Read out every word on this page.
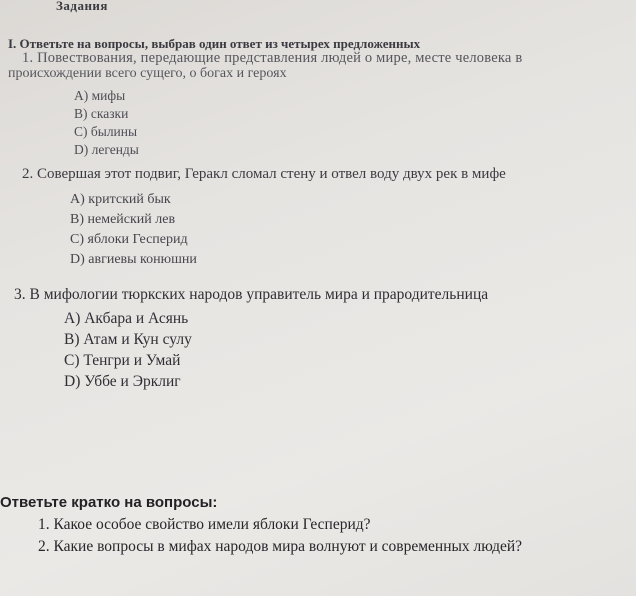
Задания
I. Ответьте на вопросы, выбрав один ответ из четырех предложенных
1. Повествования, передающие представления людей о мире, месте человека в
происхождении всего сущего, о богах и героях
A) мифы
B) сказки
C) былины
D) легенды
2. Совершая этот подвиг, Геракл сломал стену и отвел воду двух рек в мифе
A) критский бык
B) немейский лев
C) яблоки Гесперид
D) авгиевы конюшни
3. В мифологии тюркских народов управитель мира и прародительница
A) Акбара и Асянь
B) Атам и Кун сулу
C) Тенгри и Умай
D) Уббе и Эрклиг
Ответьте кратко на вопросы:
1. Какое особое свойство имели яблоки Гесперид?
2. Какие вопросы в мифах народов мира волнуют и современных людей?
